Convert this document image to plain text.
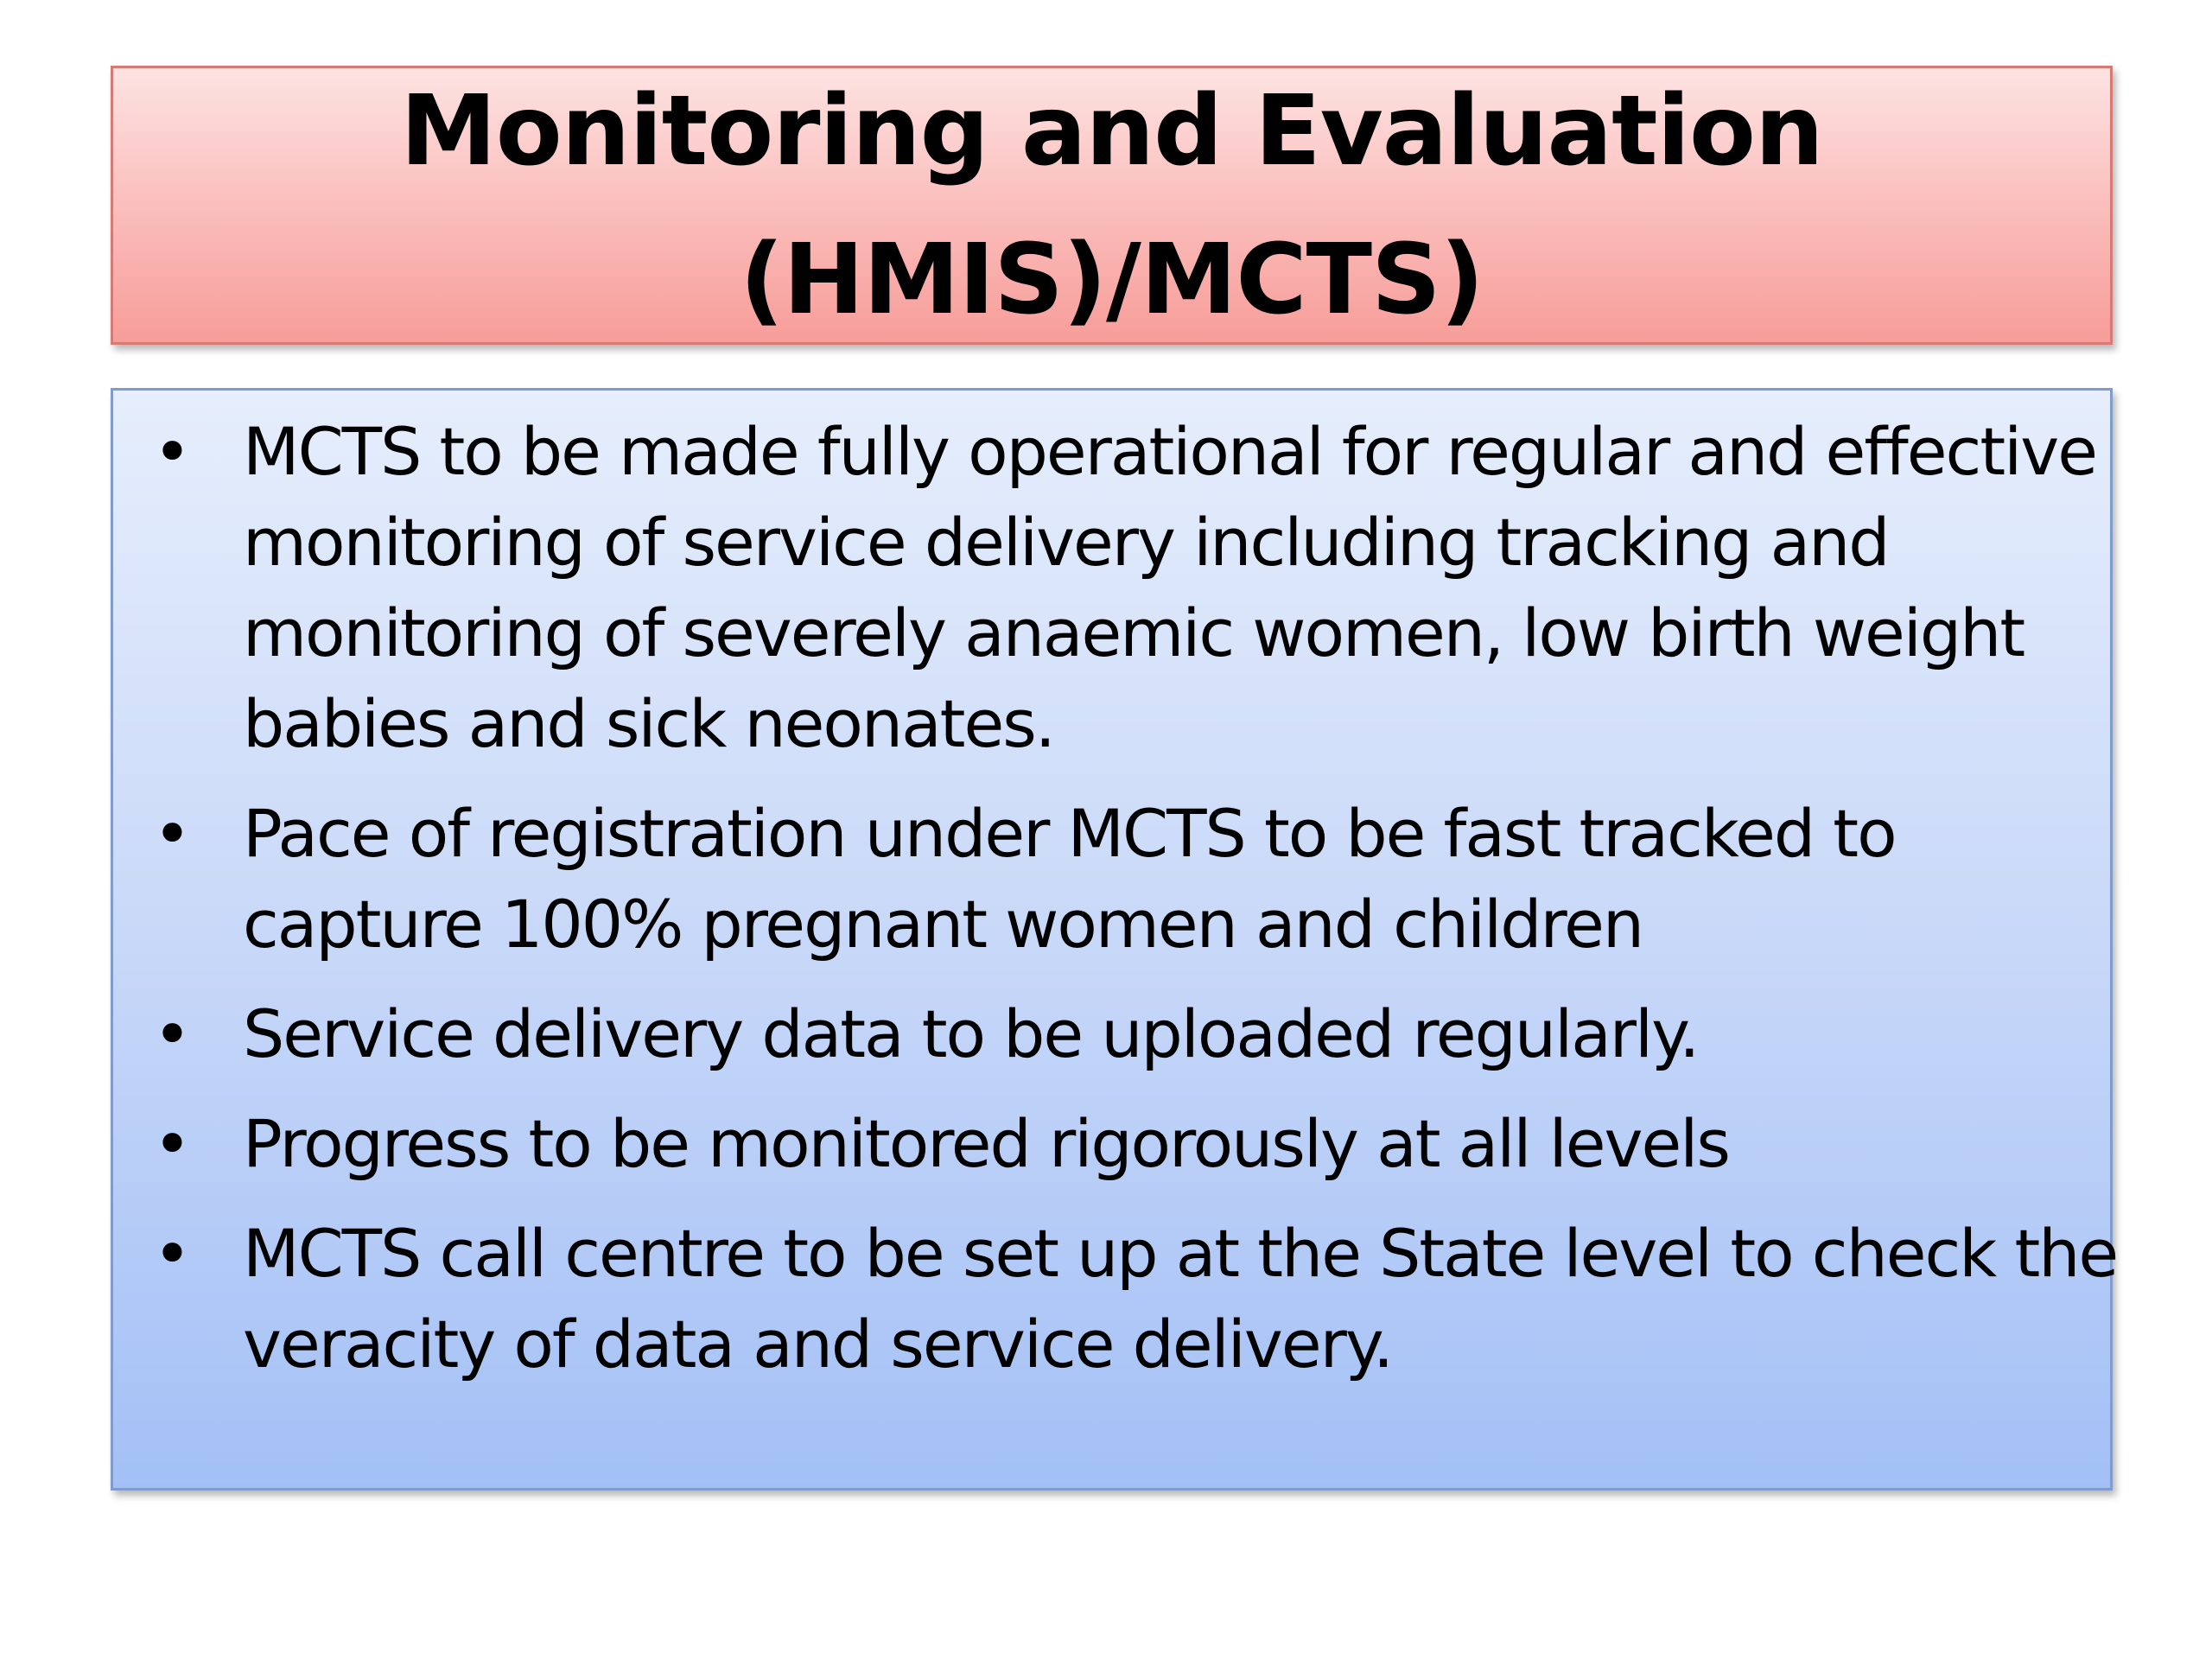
Monitoring and Evaluation
(HMIS)/MCTS)
• MCTS to be made fully operational for regular and effective monitoring of service delivery including tracking and monitoring of severely anaemic women, low birth weight babies and sick neonates.
• Pace of registration under MCTS to be fast tracked to capture 100% pregnant women and children
• Service delivery data to be uploaded regularly.
• Progress to be monitored rigorously at all levels
• MCTS call centre to be set up at the State level to check the veracity of data and service delivery.
